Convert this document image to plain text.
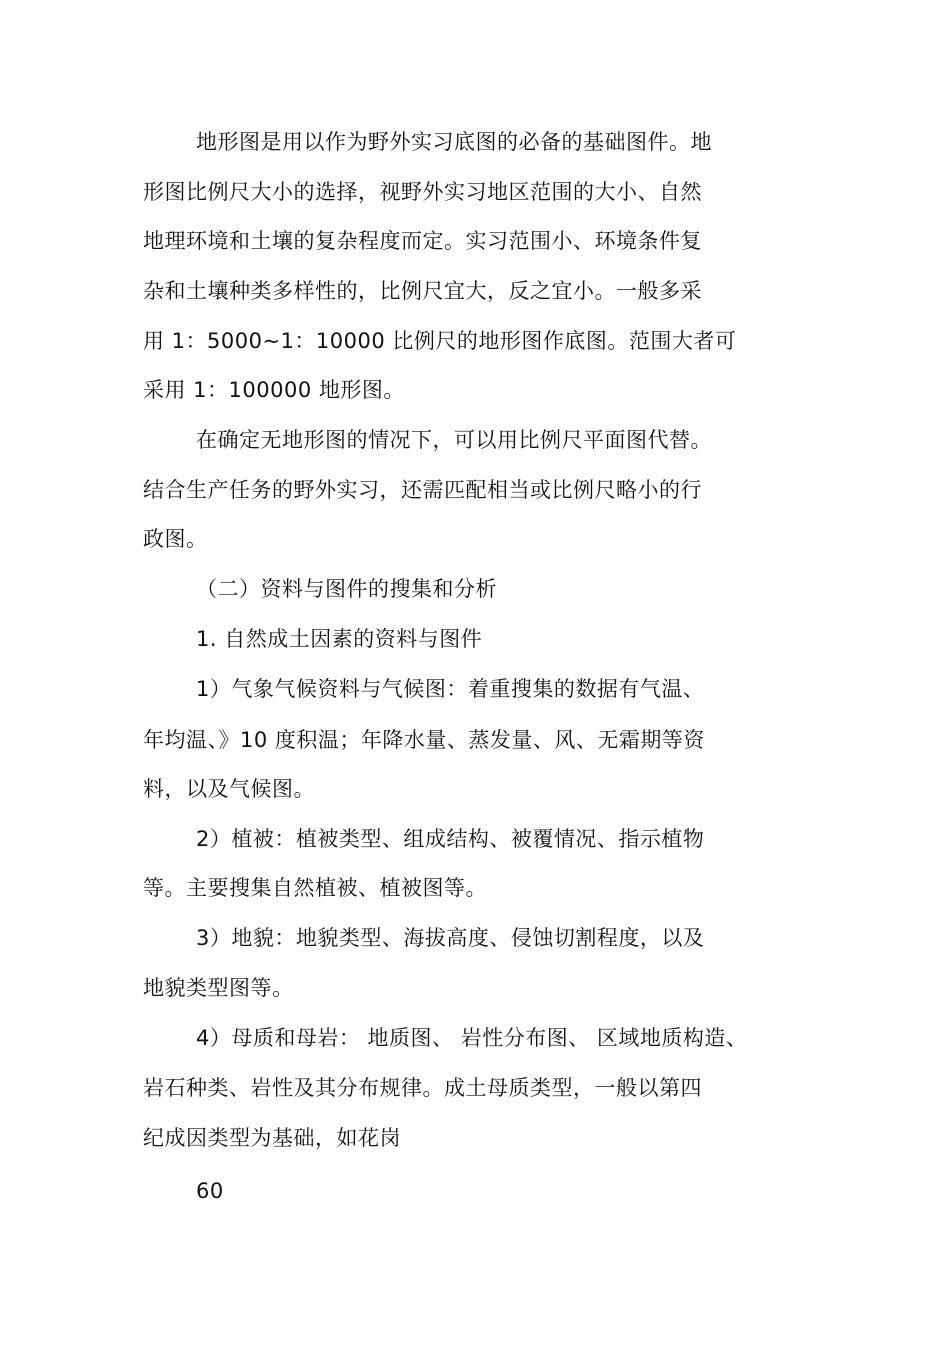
地形图是用以作为野外实习底图的必备的基础图件。地
形图比例尺大小的选择，视野外实习地区范围的大小、自然
地理环境和土壤的复杂程度而定。实习范围小、环境条件复
杂和土壤种类多样性的，比例尺宜大，反之宜小。一般多采
用 1：5000~1：10000 比例尺的地形图作底图。范围大者可
采用 1：100000 地形图。
在确定无地形图的情况下，可以用比例尺平面图代替。
结合生产任务的野外实习，还需匹配相当或比例尺略小的行
政图。
（二）资料与图件的搜集和分析
1. 自然成土因素的资料与图件
1）气象气候资料与气候图：着重搜集的数据有气温、
年均温、》10 度积温；年降水量、蒸发量、风、无霜期等资
料，以及气候图。
2）植被：植被类型、组成结构、被覆情况、指示植物
等。主要搜集自然植被、植被图等。
3）地貌：地貌类型、海拔高度、侵蚀切割程度，以及
地貌类型图等。
4）母质和母岩： 地质图、 岩性分布图、 区域地质构造、
岩石种类、岩性及其分布规律。成土母质类型，一般以第四
纪成因类型为基础，如花岗
60
